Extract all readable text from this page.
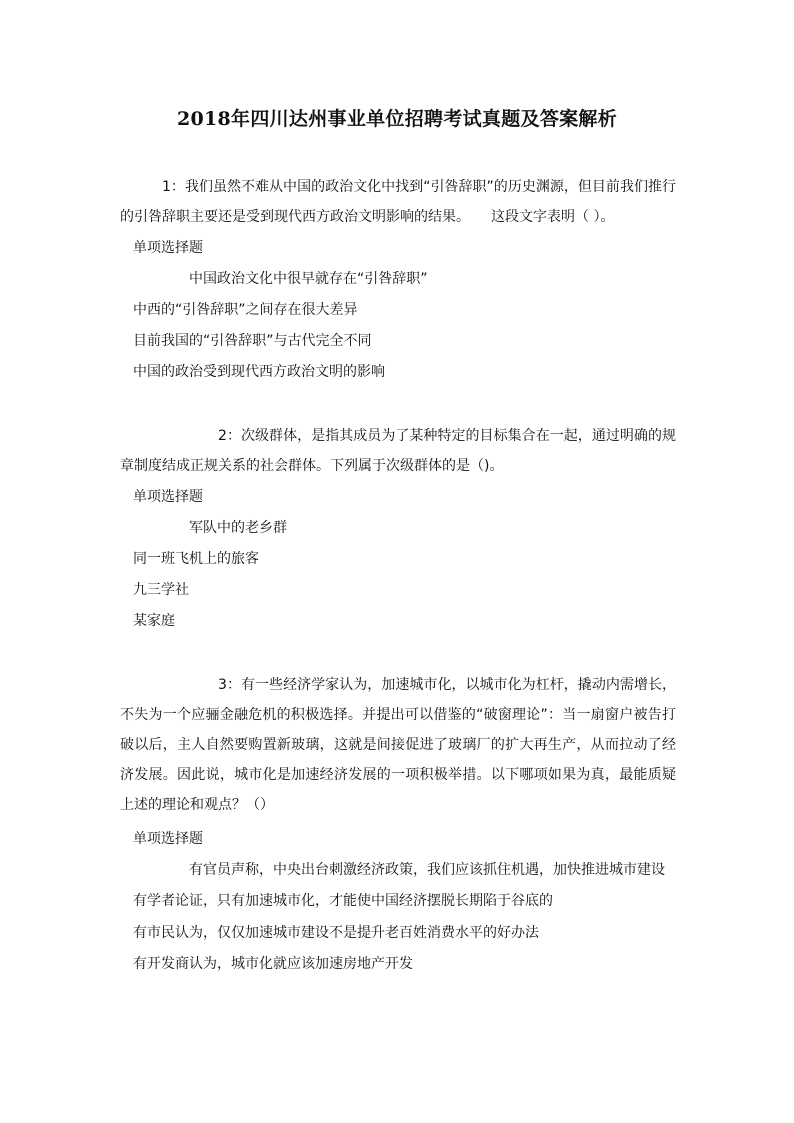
2018年四川达州事业单位招聘考试真题及答案解析
1：我们虽然不难从中国的政治文化中找到“引咎辞职”的历史渊源，但目前我们推行的引咎辞职主要还是受到现代西方政治文明影响的结果。　　这段文字表明（ ）。
单项选择题
中国政治文化中很早就存在“引咎辞职”
中西的“引咎辞职”之间存在很大差异
目前我国的“引咎辞职”与古代完全不同
中国的政治受到现代西方政治文明的影响
2：次级群体，是指其成员为了某种特定的目标集合在一起，通过明确的规章制度结成正规关系的社会群体。下列属于次级群体的是（)。
单项选择题
军队中的老乡群
同一班飞机上的旅客
九三学社
某家庭
3：有一些经济学家认为，加速城市化，以城市化为杠杆，撬动内需增长，不失为一个应骊金融危机的积极选择。并提出可以借鉴的“破窗理论”：当一扇窗户被告打破以后，主人自然要购置新玻璃，这就是间接促进了玻璃厂的扩大再生产，从而拉动了经济发展。因此说，城市化是加速经济发展的一项积极举措。以下哪项如果为真，最能质疑上述的理论和观点？（）
单项选择题
有官员声称，中央出台刺激经济政策，我们应该抓住机遇，加快推进城市建设
有学者论证，只有加速城市化，才能使中国经济摆脱长期陷于谷底的
有市民认为，仅仅加速城市建设不是提升老百姓消费水平的好办法
有开发商认为，城市化就应该加速房地产开发
